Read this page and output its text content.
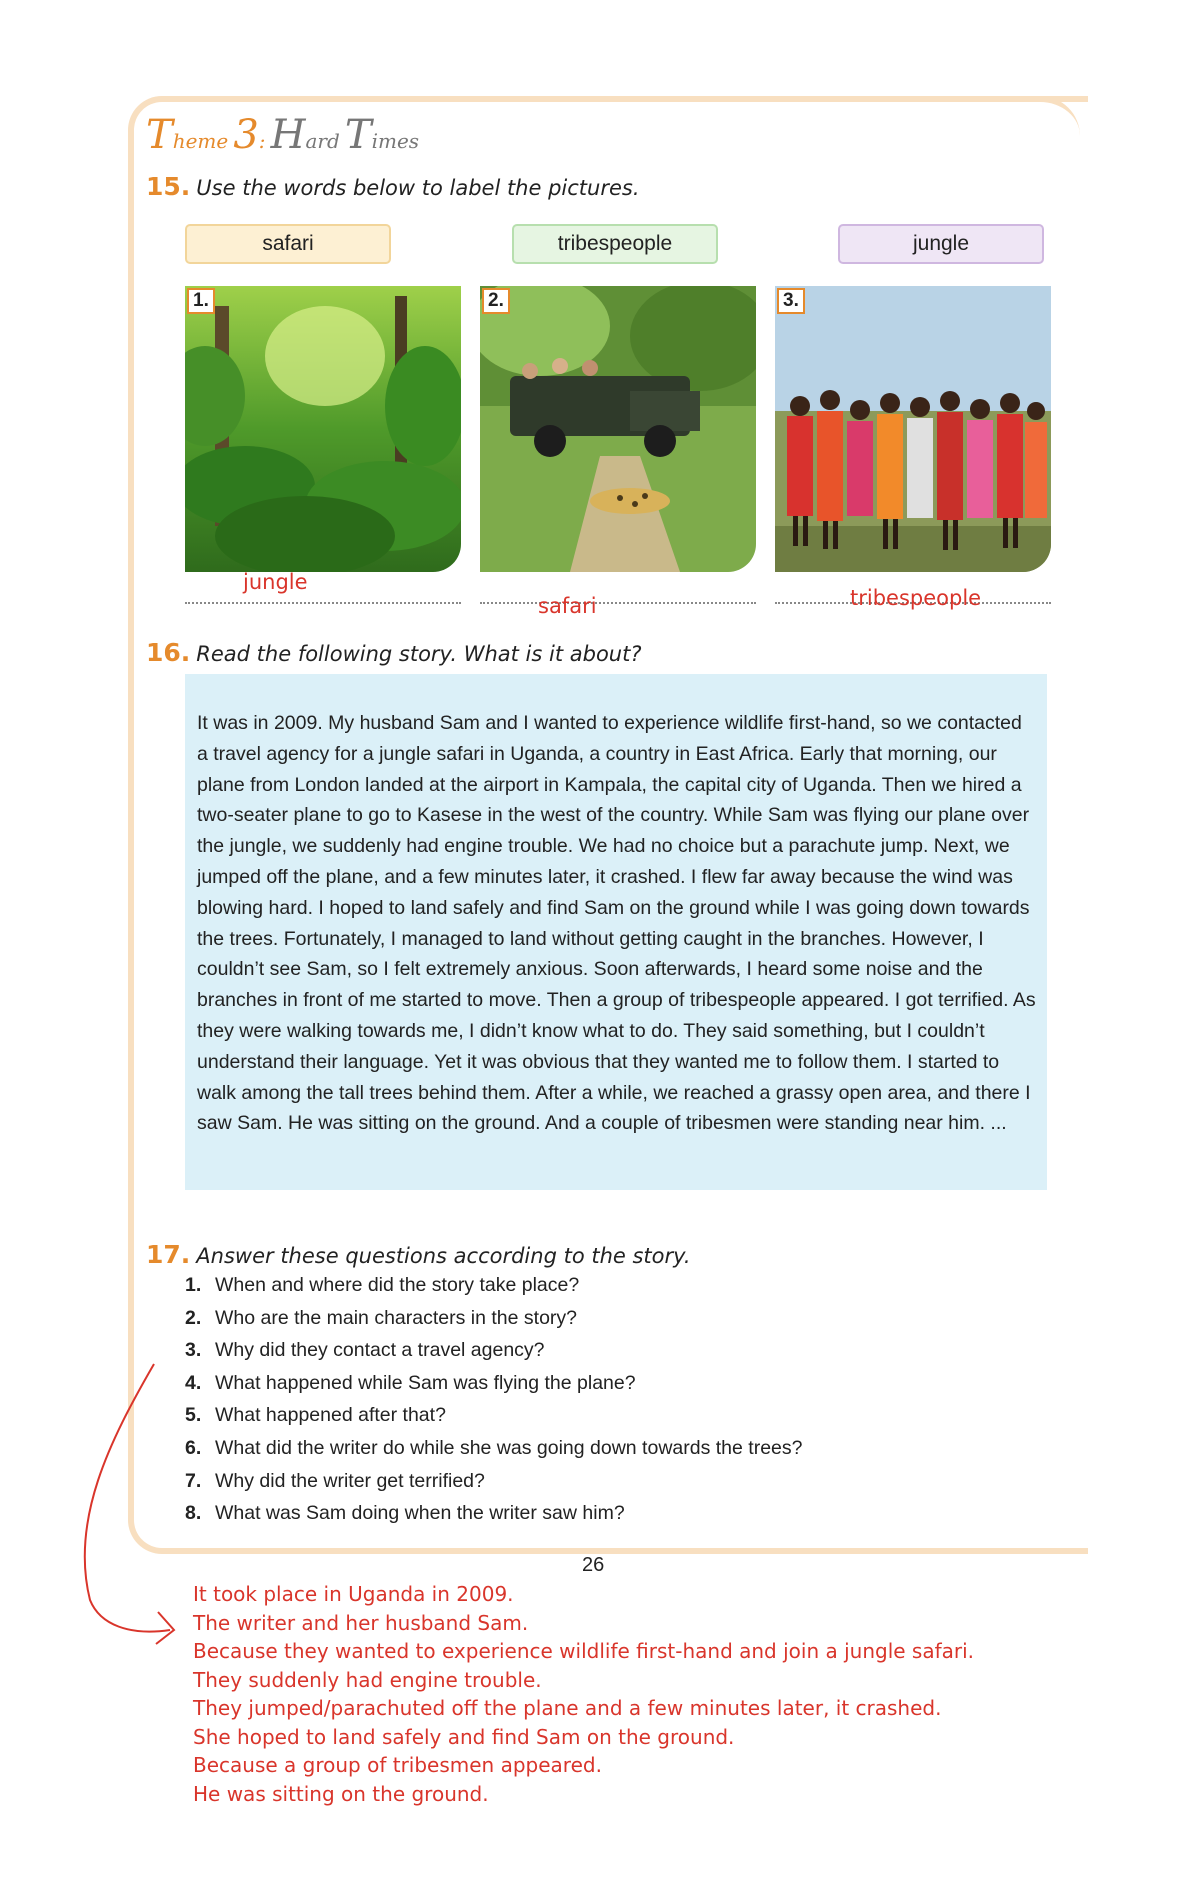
Theme 3: Hard Times
15. Use the words below to label the pictures.
safari	tribespeople	jungle
1.	2.	3.
jungle
safari	tribespeople
16. Read the following story. What is it about?
It was in 2009. My husband Sam and I wanted to experience wildlife first-hand, so we contacted a travel agency for a jungle safari in Uganda, a country in East Africa. Early that morning, our plane from London landed at the airport in Kampala, the capital city of Uganda. Then we hired a two-seater plane to go to Kasese in the west of the country. While Sam was flying our plane over the jungle, we suddenly had engine trouble. We had no choice but a parachute jump. Next, we jumped off the plane, and a few minutes later, it crashed. I flew far away because the wind was blowing hard. I hoped to land safely and find Sam on the ground while I was going down towards the trees. Fortunately, I managed to land without getting caught in the branches. However, I couldn’t see Sam, so I felt extremely anxious. Soon afterwards, I heard some noise and the branches in front of me started to move. Then a group of tribespeople appeared. I got terrified. As they were walking towards me, I didn’t know what to do. They said something, but I couldn’t understand their language. Yet it was obvious that they wanted me to follow them. I started to walk among the tall trees behind them. After a while, we reached a grassy open area, and there I saw Sam. He was sitting on the ground. And a couple of tribesmen were standing near him. ...
17. Answer these questions according to the story.
1. When and where did the story take place?
2. Who are the main characters in the story?
3. Why did they contact a travel agency?
4. What happened while Sam was flying the plane?
5. What happened after that?
6. What did the writer do while she was going down towards the trees?
7. Why did the writer get terrified?
8. What was Sam doing when the writer saw him?
26
It took place in Uganda in 2009.
The writer and her husband Sam.
Because they wanted to experience wildlife first-hand and join a jungle safari.
They suddenly had engine trouble.
They jumped/parachuted off the plane and a few minutes later, it crashed.
She hoped to land safely and find Sam on the ground.
Because a group of tribesmen appeared.
He was sitting on the ground.
